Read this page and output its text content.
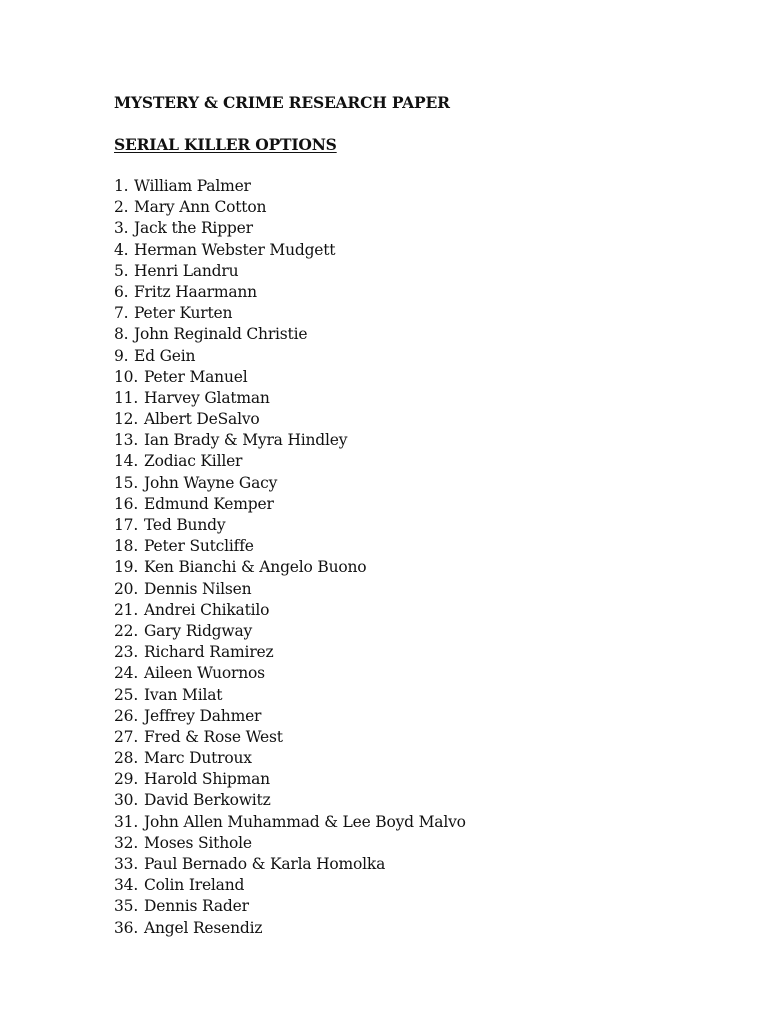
MYSTERY & CRIME RESEARCH PAPER
SERIAL KILLER OPTIONS
1. William Palmer
2. Mary Ann Cotton
3. Jack the Ripper
4. Herman Webster Mudgett
5. Henri Landru
6. Fritz Haarmann
7. Peter Kurten
8. John Reginald Christie
9. Ed Gein
10. Peter Manuel
11. Harvey Glatman
12. Albert DeSalvo
13. Ian Brady & Myra Hindley
14. Zodiac Killer
15. John Wayne Gacy
16. Edmund Kemper
17. Ted Bundy
18. Peter Sutcliffe
19. Ken Bianchi & Angelo Buono
20. Dennis Nilsen
21. Andrei Chikatilo
22. Gary Ridgway
23. Richard Ramirez
24. Aileen Wuornos
25. Ivan Milat
26. Jeffrey Dahmer
27. Fred & Rose West
28. Marc Dutroux
29. Harold Shipman
30. David Berkowitz
31. John Allen Muhammad & Lee Boyd Malvo
32. Moses Sithole
33. Paul Bernado & Karla Homolka
34. Colin Ireland
35. Dennis Rader
36. Angel Resendiz
